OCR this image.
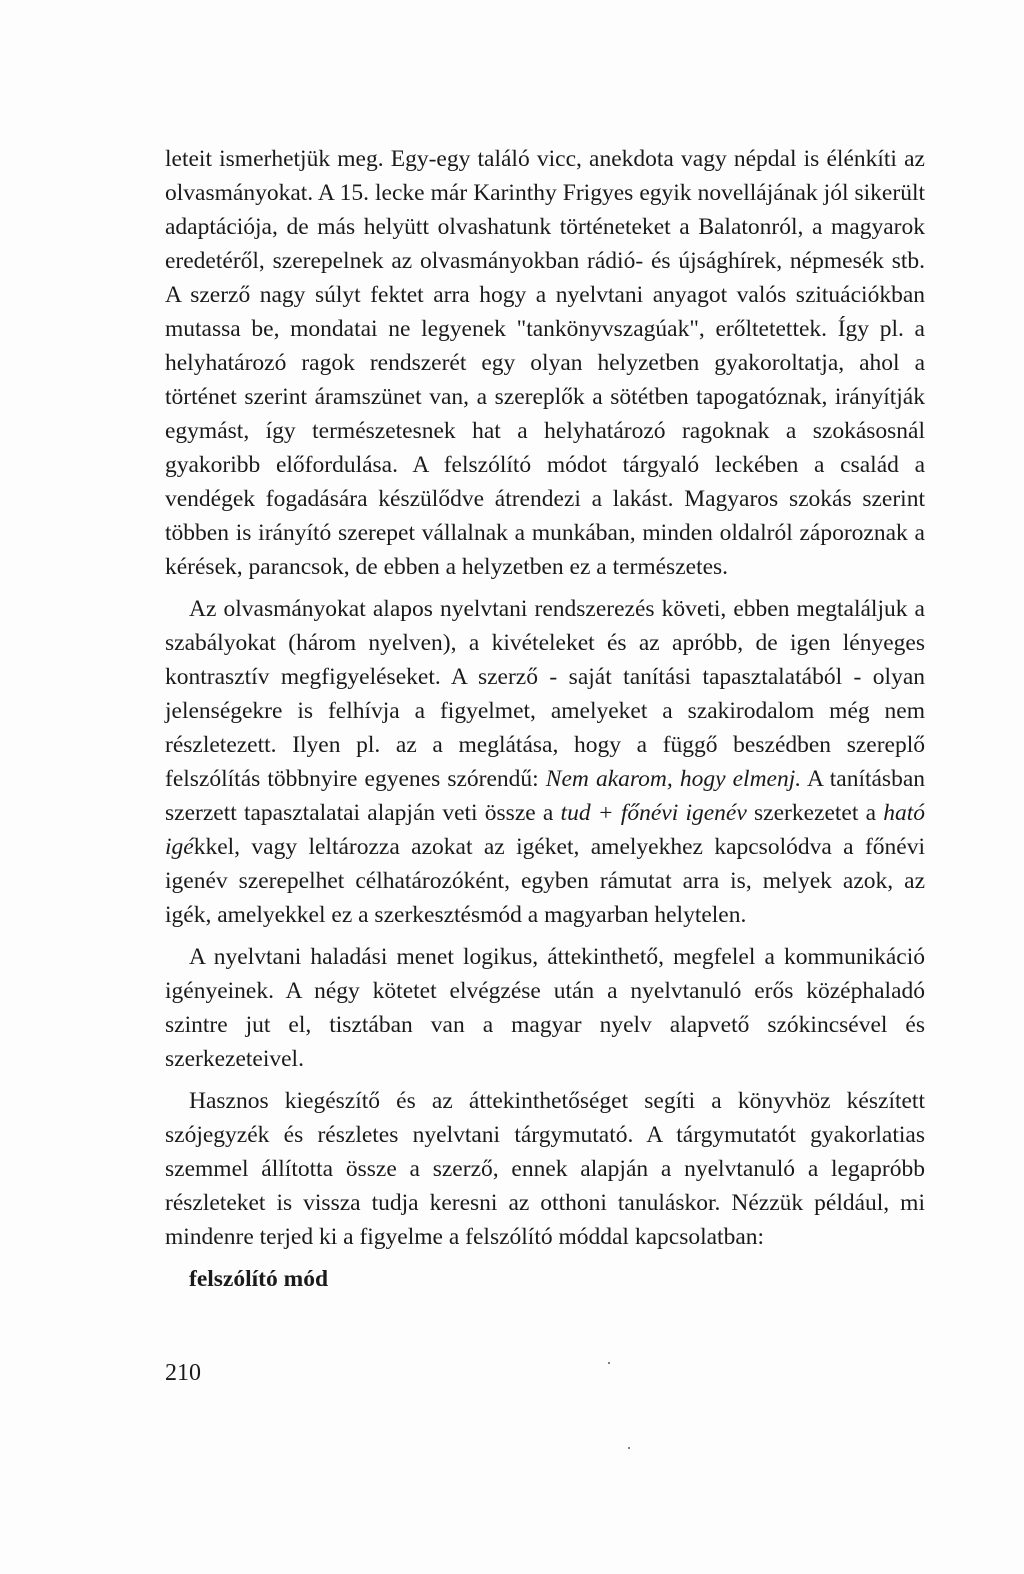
leteit ismerhetjük meg. Egy-egy találó vicc, anekdota vagy népdal is élénkíti az olvasmányokat. A 15. lecke már Karinthy Frigyes egyik novellájának jól sikerült adaptációja, de más helyütt olvashatunk történeteket a Balatonról, a magyarok eredetéről, szerepelnek az olvasmányokban rádió- és újsághírek, népmesék stb. A szerző nagy súlyt fektet arra hogy a nyelvtani anyagot valós szituációkban mutassa be, mondatai ne legyenek "tankönyvszagúak", erőltetettek. Így pl. a helyhatározó ragok rendszerét egy olyan helyzetben gyakoroltatja, ahol a történet szerint áramszünet van, a szereplők a sötétben tapogatóznak, irányítják egymást, így természetesnek hat a helyhatározó ragoknak a szokásosnál gyakoribb előfordulása. A felszólító módot tárgyaló leckében a család a vendégek fogadására készülődve átrendezi a lakást. Magyaros szokás szerint többen is irányító szerepet vállalnak a munkában, minden oldalról záporoznak a kérések, parancsok, de ebben a helyzetben ez a természetes.

Az olvasmányokat alapos nyelvtani rendszerezés követi, ebben megtaláljuk a szabályokat (három nyelven), a kivételeket és az apróbb, de igen lényeges kontrasztív megfigyeléseket. A szerző - saját tanítási tapasztalatából - olyan jelenségekre is felhívja a figyelmet, amelyeket a szakirodalom még nem részletezett. Ilyen pl. az a meglátása, hogy a függő beszédben szereplő felszólítás többnyire egyenes szórendű: Nem akarom, hogy elmenj. A tanításban szerzett tapasztalatai alapján veti össze a tud + főnévi igenév szerkezetet a ható igékkel, vagy leltározza azokat az igéket, amelyekhez kapcsolódva a főnévi igenév szerepelhet célhatározóként, egyben rámutat arra is, melyek azok, az igék, amelyekkel ez a szerkesztésmód a magyarban helytelen.

A nyelvtani haladási menet logikus, áttekinthető, megfelel a kommunikáció igényeinek. A négy kötetet elvégzése után a nyelvtanuló erős középhaladó szintre jut el, tisztában van a magyar nyelv alapvető szókincsével és szerkezeteivel.

Hasznos kiegészítő és az áttekinthetőséget segíti a könyvhöz készített szójegyzék és részletes nyelvtani tárgymutató. A tárgymutatót gyakorlatias szemmel állította össze a szerző, ennek alapján a nyelvtanuló a legapróbb részleteket is vissza tudja keresni az otthoni tanuláskor. Nézzük például, mi mindenre terjed ki a figyelme a felszólító móddal kapcsolatban:

felszólító mód
210
